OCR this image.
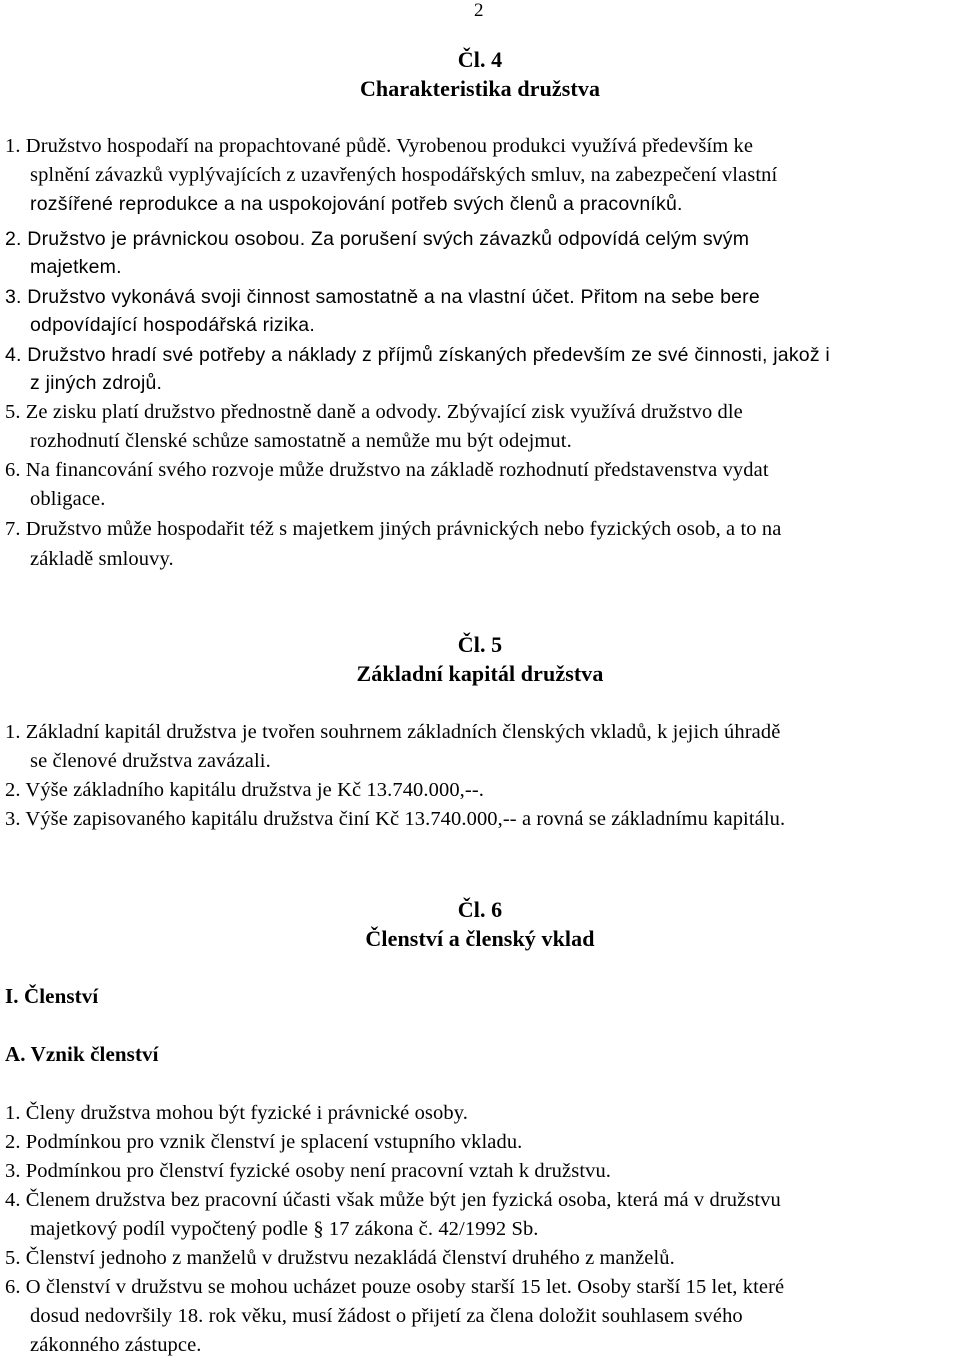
2
Čl. 4
Charakteristika družstva
1. Družstvo hospodaří na propachtované půdě. Vyrobenou produkci využívá především ke
splnění závazků vyplývajících z uzavřených hospodářských smluv, na zabezpečení vlastní
rozšířené reprodukce a na uspokojování potřeb svých členů a pracovníků.
2. Družstvo je právnickou osobou. Za porušení svých závazků odpovídá celým svým
majetkem.
3. Družstvo vykonává svoji činnost samostatně a na vlastní účet. Přitom na sebe bere
odpovídající hospodářská rizika.
4. Družstvo hradí své potřeby a náklady z příjmů získaných především ze své činnosti, jakož i
z jiných zdrojů.
5. Ze zisku platí družstvo přednostně daně a odvody. Zbývající zisk využívá družstvo dle
rozhodnutí členské schůze samostatně a nemůže mu být odejmut.
6. Na financování svého rozvoje může družstvo na základě rozhodnutí představenstva vydat
obligace.
7. Družstvo může hospodařit též s majetkem jiných právnických nebo fyzických osob, a to na
základě smlouvy.
Čl. 5
Základní kapitál družstva
1. Základní kapitál družstva je tvořen souhrnem základních členských vkladů, k jejich úhradě
se členové družstva zavázali.
2. Výše základního kapitálu družstva je Kč 13.740.000,--.
3. Výše zapisovaného kapitálu družstva činí Kč 13.740.000,-- a rovná se základnímu kapitálu.
Čl. 6
Členství a členský vklad
I. Členství
A. Vznik členství
1. Členy družstva mohou být fyzické i právnické osoby.
2. Podmínkou pro vznik členství je splacení vstupního vkladu.
3. Podmínkou pro členství fyzické osoby není pracovní vztah k družstvu.
4. Členem družstva bez pracovní účasti však může být jen fyzická osoba, která má v družstvu
majetkový podíl vypočtený podle § 17 zákona č. 42/1992 Sb.
5. Členství jednoho z manželů v družstvu nezakládá členství druhého z manželů.
6. O členství v družstvu se mohou ucházet pouze osoby starší 15 let. Osoby starší 15 let, které
dosud nedovršily 18. rok věku, musí žádost o přijetí za člena doložit souhlasem svého
zákonného zástupce.
